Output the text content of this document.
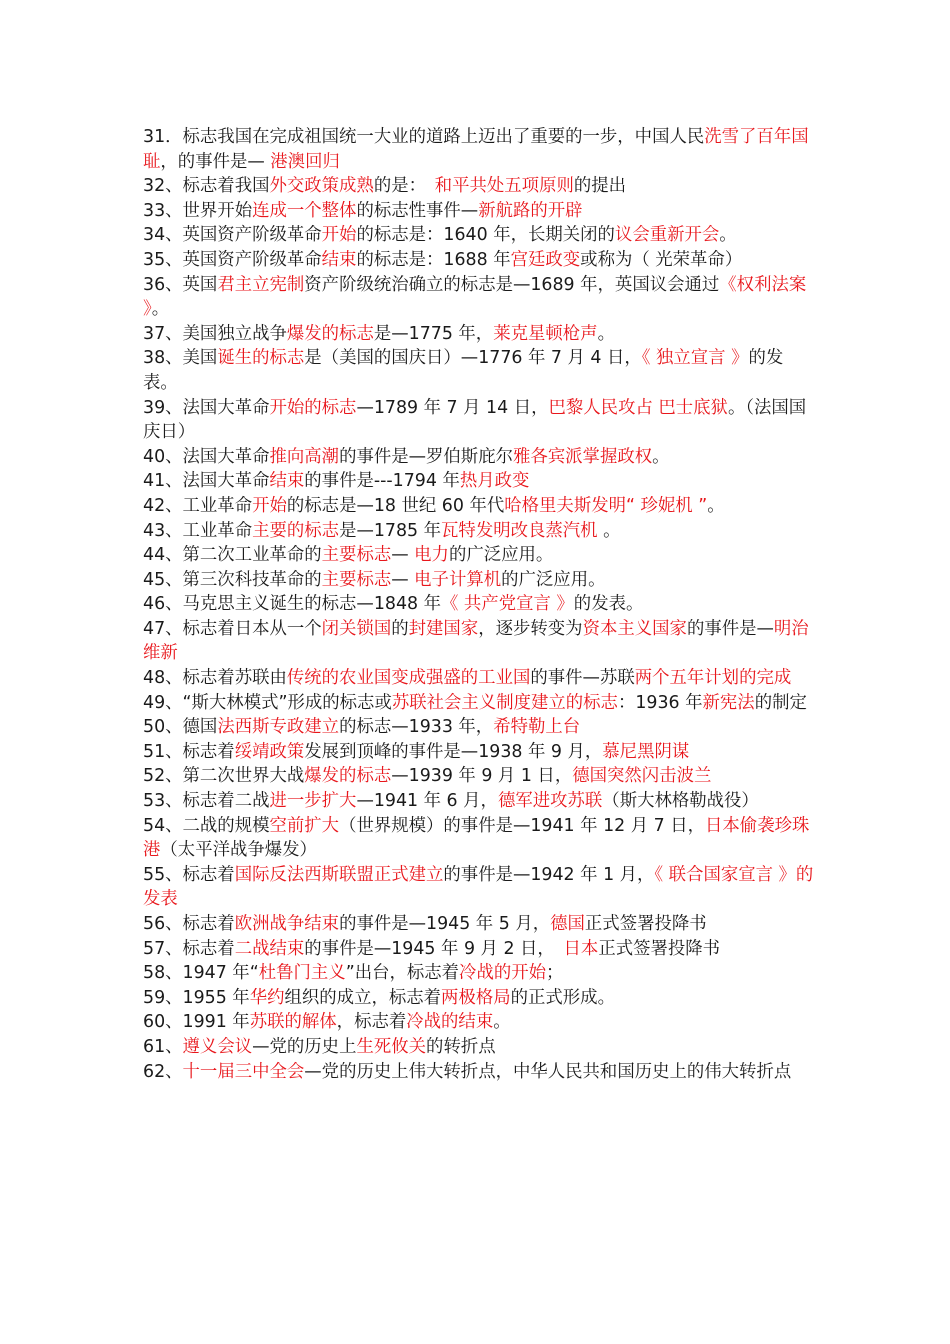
31．标志我国在完成祖国统一大业的道路上迈出了重要的一步，中国人民洗雪了百年国耻，的事件是— 港澳回归

32、标志着我国外交政策成熟的是：　和平共处五项原则的提出

33、世界开始连成一个整体的标志性事件—新航路的开辟

34、英国资产阶级革命开始的标志是：1640 年，长期关闭的议会重新开会。

35、英国资产阶级革命结束的标志是：1688 年宫廷政变或称为（ 光荣革命）

36、英国君主立宪制资产阶级统治确立的标志是—1689 年，英国议会通过《权利法案 》。

37、美国独立战争爆发的标志是—1775 年，莱克星顿枪声。

38、美国诞生的标志是（美国的国庆日）—1776 年 7 月 4 日，《 独立宣言 》的发表。

39、法国大革命开始的标志—1789 年 7 月 14 日，巴黎人民攻占 巴士底狱。（法国国庆日）

40、法国大革命推向高潮的事件是—罗伯斯庇尔雅各宾派掌握政权。

41、法国大革命结束的事件是---1794 年热月政变

42、工业革命开始的标志是—18 世纪 60 年代哈格里夫斯发明“ 珍妮机 ”。

43、工业革命主要的标志是—1785 年瓦特发明改良蒸汽机 。

44、第二次工业革命的主要标志— 电力的广泛应用。

45、第三次科技革命的主要标志— 电子计算机的广泛应用。

46、马克思主义诞生的标志—1848 年《 共产党宣言 》的发表。

47、标志着日本从一个闭关锁国的封建国家，逐步转变为资本主义国家的事件是—明治维新

48、标志着苏联由传统的农业国变成强盛的工业国的事件—苏联两个五年计划的完成

49、“斯大林模式”形成的标志或苏联社会主义制度建立的标志：1936 年新宪法的制定

50、德国法西斯专政建立的标志—1933 年，希特勒上台

51、标志着绥靖政策发展到顶峰的事件是—1938 年 9 月，慕尼黑阴谋

52、第二次世界大战爆发的标志—1939 年 9 月 1 日，德国突然闪击波兰

53、标志着二战进一步扩大—1941 年 6 月，德军进攻苏联（斯大林格勒战役）

54、二战的规模空前扩大（世界规模）的事件是—1941 年 12 月 7 日，日本偷袭珍珠港（太平洋战争爆发）

55、标志着国际反法西斯联盟正式建立的事件是—1942 年 1 月，《 联合国家宣言 》的发表

56、标志着欧洲战争结束的事件是—1945 年 5 月，德国正式签署投降书

57、标志着二战结束的事件是—1945 年 9 月 2 日，　日本正式签署投降书

58、1947 年“杜鲁门主义”出台，标志着冷战的开始；

59、1955 年华约组织的成立，标志着两极格局的正式形成。

60、1991 年苏联的解体，标志着冷战的结束。

61、遵义会议—党的历史上生死攸关的转折点

62、十一届三中全会—党的历史上伟大转折点，中华人民共和国历史上的伟大转折点
